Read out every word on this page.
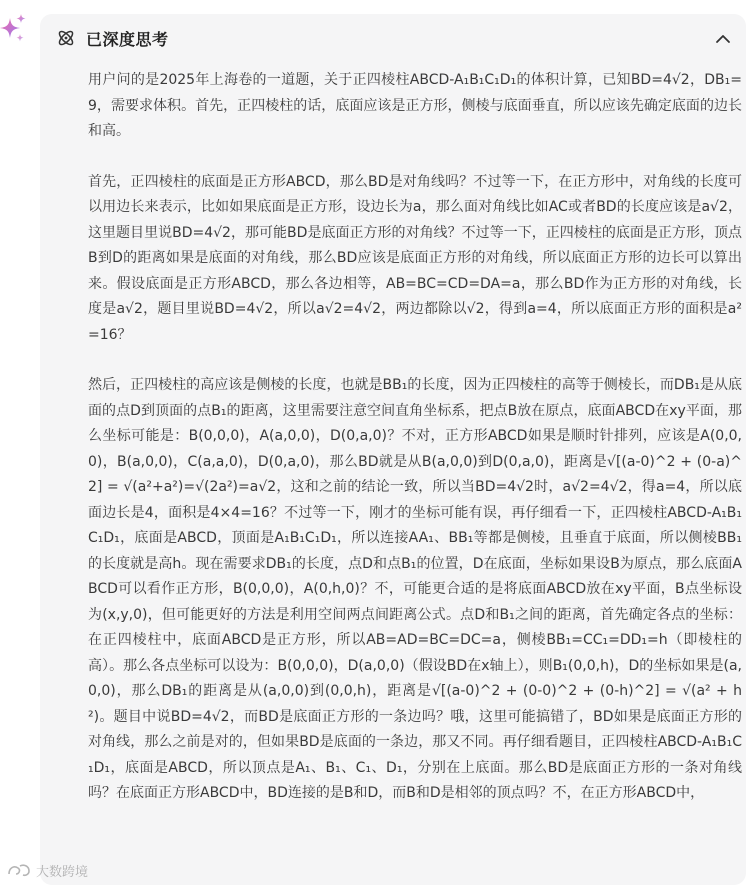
已深度思考

用户问的是2025年上海卷的一道题，关于正四棱柱ABCD-A₁B₁C₁D₁的体积计算，已知BD=4√2，DB₁=9，需要求体积。首先，正四棱柱的话，底面应该是正方形，侧棱与底面垂直，所以应该先确定底面的边长和高。

首先，正四棱柱的底面是正方形ABCD，那么BD是对角线吗？不过等一下，在正方形中，对角线的长度可以用边长来表示，比如如果底面是正方形，设边长为a，那么面对角线比如AC或者BD的长度应该是a√2，这里题目里说BD=4√2，那可能BD是底面正方形的对角线？不过等一下，正四棱柱的底面是正方形，顶点B到D的距离如果是底面的对角线，那么BD应该是底面正方形的对角线，所以底面正方形的边长可以算出来。假设底面是正方形ABCD，那么各边相等，AB=BC=CD=DA=a，那么BD作为正方形的对角线，长度是a√2，题目里说BD=4√2，所以a√2=4√2，两边都除以√2，得到a=4，所以底面正方形的面积是a²=16？

然后，正四棱柱的高应该是侧棱的长度，也就是BB₁的长度，因为正四棱柱的高等于侧棱长，而DB₁是从底面的点D到顶面的点B₁的距离，这里需要注意空间直角坐标系，把点B放在原点，底面ABCD在xy平面，那么坐标可能是：B(0,0,0)，A(a,0,0)，D(0,a,0)？不对，正方形ABCD如果是顺时针排列，应该是A(0,0,0)，B(a,0,0)，C(a,a,0)，D(0,a,0)，那么BD就是从B(a,0,0)到D(0,a,0)，距离是√[(a-0)^2 + (0-a)^2] = √(a²+a²)=√(2a²)=a√2，这和之前的结论一致，所以当BD=4√2时，a√2=4√2，得a=4，所以底面边长是4，面积是4×4=16？不过等一下，刚才的坐标可能有误，再仔细看一下，正四棱柱ABCD-A₁B₁C₁D₁，底面是ABCD，顶面是A₁B₁C₁D₁，所以连接AA₁、BB₁等都是侧棱，且垂直于底面，所以侧棱BB₁的长度就是高h。现在需要求DB₁的长度，点D和点B₁的位置，D在底面，坐标如果设B为原点，那么底面ABCD可以看作正方形，B(0,0,0)，A(0,h,0)？不，可能更合适的是将底面ABCD放在xy平面，B点坐标设为(x,y,0)，但可能更好的方法是利用空间两点间距离公式。点D和B₁之间的距离，首先确定各点的坐标：在正四棱柱中，底面ABCD是正方形，所以AB=AD=BC=DC=a，侧棱BB₁=CC₁=DD₁=h（即棱柱的高）。那么各点坐标可以设为：B(0,0,0)，D(a,0,0)（假设BD在x轴上），则B₁(0,0,h)，D的坐标如果是(a,0,0)，那么DB₁的距离是从(a,0,0)到(0,0,h)，距离是√[(a-0)^2 + (0-0)^2 + (0-h)^2] = √(a² + h²)。题目中说BD=4√2，而BD是底面正方形的一条边吗？哦，这里可能搞错了，BD如果是底面正方形的对角线，那么之前是对的，但如果BD是底面的一条边，那又不同。再仔细看题目，正四棱柱ABCD-A₁B₁C₁D₁，底面是ABCD，所以顶点是A₁、B₁、C₁、D₁，分别在上底面。那么BD是底面正方形的一条对角线吗？在底面正方形ABCD中，BD连接的是B和D，而B和D是相邻的顶点吗？不，在正方形ABCD中，

大数跨境
